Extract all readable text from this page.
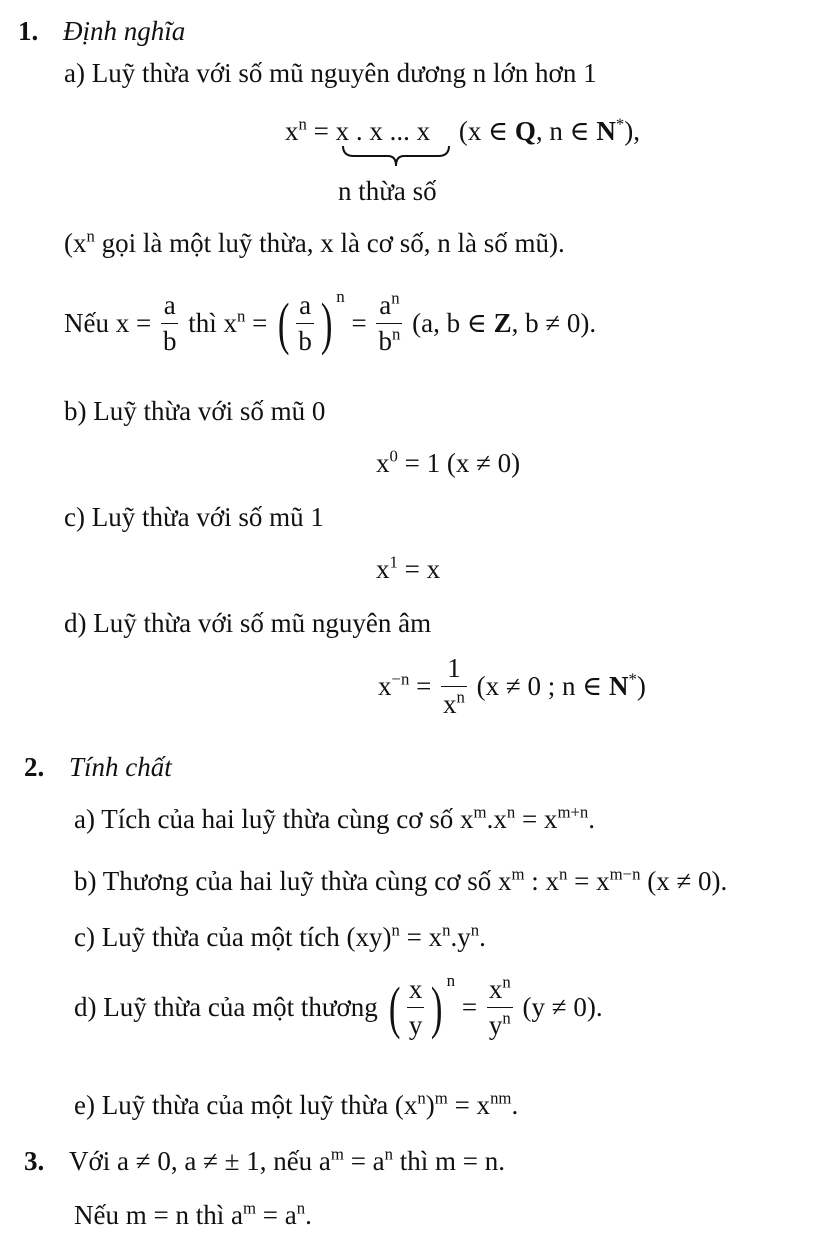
1. Định nghĩa
a) Luỹ thừa với số mũ nguyên dương n lớn hơn 1
$x^n = x$ . x ... x (x ∈ Q, n ∈ N*),
n thừa số
($x^n$ gọi là một luỹ thừa, x là cơ số, n là số mũ).
Nếu $x = \frac{a}{b}$ thì $x^n$ = ( $\frac{a}{b}$ ) $n = \frac{a^n}{b^n} (a$, b ∈ Z, b ≠ 0).
b) Luỹ thừa với số mũ 0
$x^0 = 1$ (x ≠ 0)
c) Luỹ thừa với số mũ 1
$x^1 = x$
d) Luỹ thừa với số mũ nguyên âm
$x^{-n} = \frac{1}{x^n} (x \ne 0$ ; n ∈ N*)
2. Tính chất
a) Tích của hai luỹ thừa cùng cơ số $x^m.x^n = x^{m+n}$.
b) Thương của hai luỹ thừa cùng cơ số $x^m$ : $x^n = x^{m-n}$ (x ≠ 0).
c) Luỹ thừa của một tích $(xy)^n = x^n.y^n$.
d) Luỹ thừa của một thương ( $\frac{x}{y}$ ) $n = \frac{x^n}{y^n} (y \ne 0)$.
e) Luỹ thừa của một luỹ thừa $(x^n)^m = x^{nm}$.
3. Với a ≠ 0, a ≠ ± 1, nếu $a^m = a^n$ thì m = n.
Nếu m = n thì $a^m = a^n$.
